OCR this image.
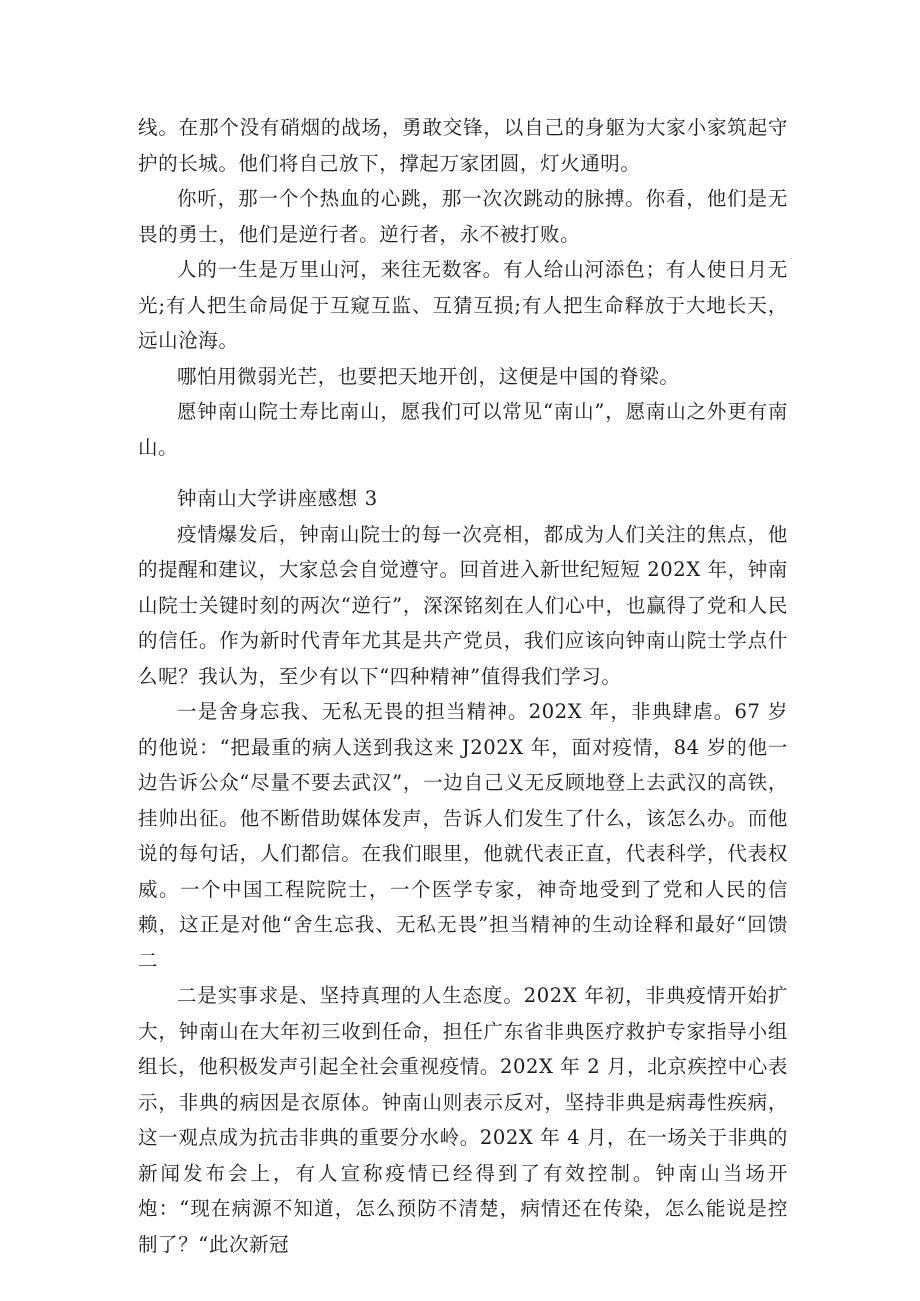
线。在那个没有硝烟的战场，勇敢交锋，以自己的身躯为大家小家筑起守护的长城。他们将自己放下，撑起万家团圆，灯火通明。

你听，那一个个热血的心跳，那一次次跳动的脉搏。你看，他们是无畏的勇士，他们是逆行者。逆行者，永不被打败。

人的一生是万里山河，来往无数客。有人给山河添色；有人使日月无光;有人把生命局促于互窥互监、互猜互损;有人把生命释放于大地长天，远山沧海。

哪怕用微弱光芒，也要把天地开创，这便是中国的脊梁。

愿钟南山院士寿比南山，愿我们可以常见“南山”，愿南山之外更有南山。

钟南山大学讲座感想 3

疫情爆发后，钟南山院士的每一次亮相，都成为人们关注的焦点，他的提醒和建议，大家总会自觉遵守。回首进入新世纪短短 202X 年，钟南山院士关键时刻的两次“逆行”，深深铭刻在人们心中，也赢得了党和人民的信任。作为新时代青年尤其是共产党员，我们应该向钟南山院士学点什么呢？我认为，至少有以下“四种精神”值得我们学习。

一是舍身忘我、无私无畏的担当精神。202X 年，非典肆虐。67 岁的他说：“把最重的病人送到我这来 J202X 年，面对疫情，84 岁的他一边告诉公众“尽量不要去武汉”，一边自己义无反顾地登上去武汉的高铁，挂帅出征。他不断借助媒体发声，告诉人们发生了什么，该怎么办。而他说的每句话，人们都信。在我们眼里，他就代表正直，代表科学，代表权威。一个中国工程院院士，一个医学专家，神奇地受到了党和人民的信赖，这正是对他“舍生忘我、无私无畏”担当精神的生动诠释和最好“回馈二

二是实事求是、坚持真理的人生态度。202X 年初，非典疫情开始扩大，钟南山在大年初三收到任命，担任广东省非典医疗救护专家指导小组组长，他积极发声引起全社会重视疫情。202X 年 2 月，北京疾控中心表示，非典的病因是衣原体。钟南山则表示反对，坚持非典是病毒性疾病，这一观点成为抗击非典的重要分水岭。202X 年 4 月，在一场关于非典的新闻发布会上，有人宣称疫情已经得到了有效控制。钟南山当场开炮：“现在病源不知道，怎么预防不清楚，病情还在传染，怎么能说是控制了？“此次新冠
